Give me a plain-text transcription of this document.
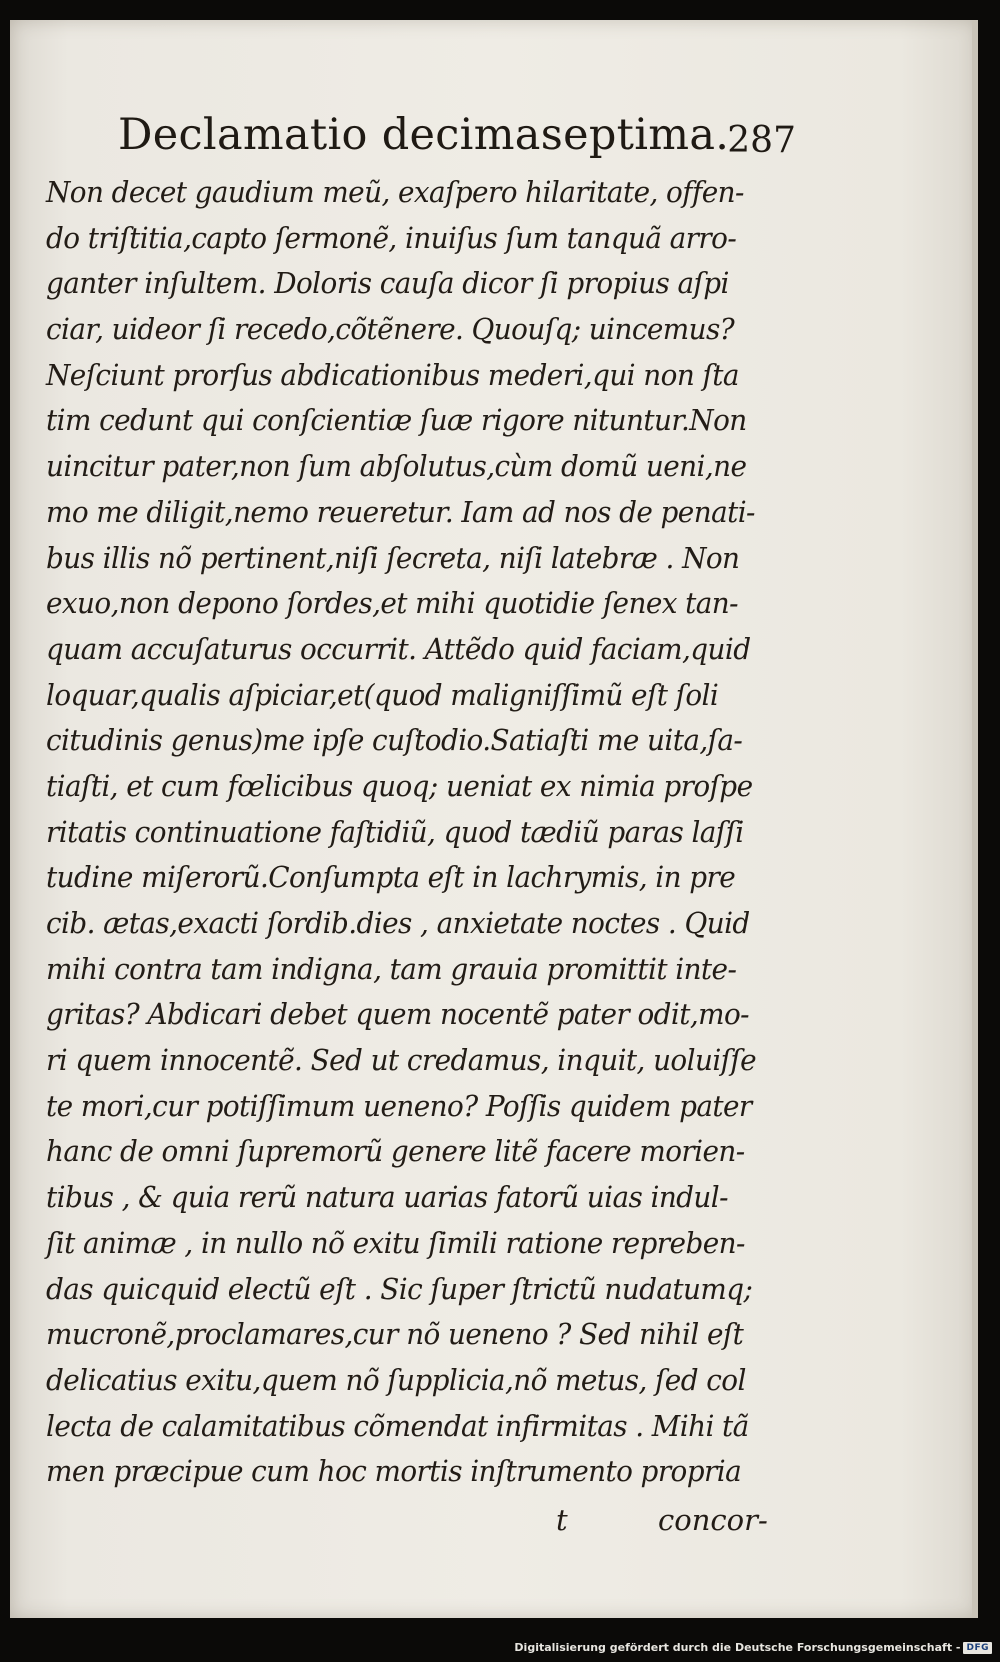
Declamatio decimaseptima.
287
Non decet gaudium meũ, exaſpero hilaritate, offen-
do triſtitia,capto ſermonẽ, inuiſus ſum tanquã arro-
ganter inſultem. Doloris cauſa dicor ſi propius aſpi
ciar, uideor ſi recedo,cõtẽnere. Quouſq; uincemus?
Neſciunt prorſus abdicationibus mederi,qui non ſta
tim cedunt qui conſcientiæ ſuæ rigore nituntur.Non
uincitur pater,non ſum abſolutus,cùm domũ ueni,ne
mo me diligit,nemo reueretur. Iam ad nos de penati-
bus illis nõ pertinent,niſi ſecreta, niſi latebræ . Non
exuo,non depono ſordes,et mihi quotidie ſenex tan-
quam accuſaturus occurrit. Attẽdo quid faciam,quid
loquar,qualis aſpiciar,et(quod maligniſſimũ eſt ſoli
citudinis genus)me ipſe cuſtodio.Satiaſti me uita,ſa-
tiaſti, et cum fœlicibus quoq; ueniat ex nimia proſpe
ritatis continuatione faſtidiũ, quod tædiũ paras laſſi
tudine miſerorũ.Conſumpta eſt in lachrymis, in pre
cib. ætas,exacti ſordib.dies , anxietate noctes . Quid
mihi contra tam indigna, tam grauia promittit inte-
gritas? Abdicari debet quem nocentẽ pater odit,mo-
ri quem innocentẽ. Sed ut credamus, inquit, uoluiſſe
te mori,cur potiſſimum ueneno? Poſſis quidem pater
hanc de omni ſupremorũ genere litẽ facere morien-
tibus , & quia rerũ natura uarias fatorũ uias indul-
ſit animæ , in nullo nõ exitu ſimili ratione repreben-
das quicquid electũ eſt . Sic ſuper ſtrictũ nudatumq;
mucronẽ,proclamares,cur nõ ueneno ? Sed nihil eſt
delicatius exitu,quem nõ ſupplicia,nõ metus, ſed col
lecta de calamitatibus cõmendat infirmitas . Mihi tã
men præcipue cum hoc mortis inſtrumento propria
t	concor-
Digitalisierung gefördert durch die Deutsche Forschungsgemeinschaft - DFG
